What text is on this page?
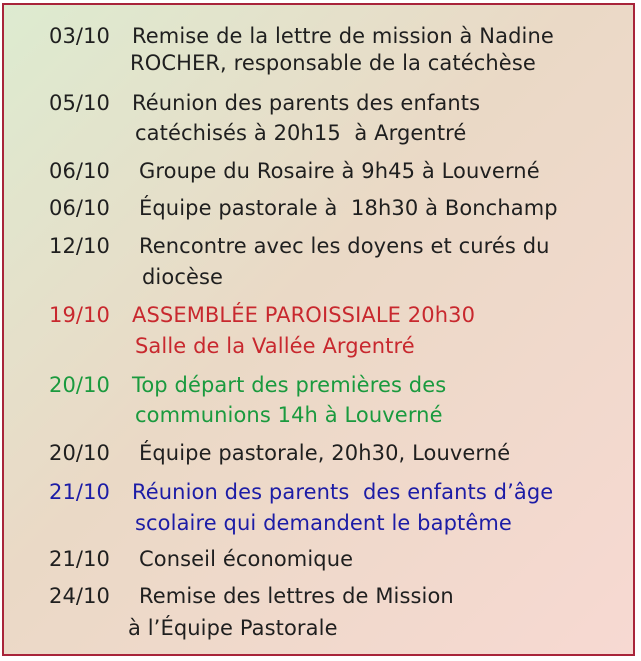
03/10 Remise de la lettre de mission à Nadine
ROCHER, responsable de la catéchèse
05/10 Réunion des parents des enfants
catéchisés à 20h15  à Argentré
06/10 Groupe du Rosaire à 9h45 à Louverné
06/10 Équipe pastorale à  18h30 à Bonchamp
12/10 Rencontre avec les doyens et curés du
diocèse
19/10 ASSEMBLÉE PAROISSIALE 20h30
Salle de la Vallée Argentré
20/10 Top départ des premières des
communions 14h à Louverné
20/10 Équipe pastorale, 20h30, Louverné
21/10 Réunion des parents  des enfants d’âge
scolaire qui demandent le baptême
21/10 Conseil économique
24/10 Remise des lettres de Mission
à l’Équipe Pastorale
